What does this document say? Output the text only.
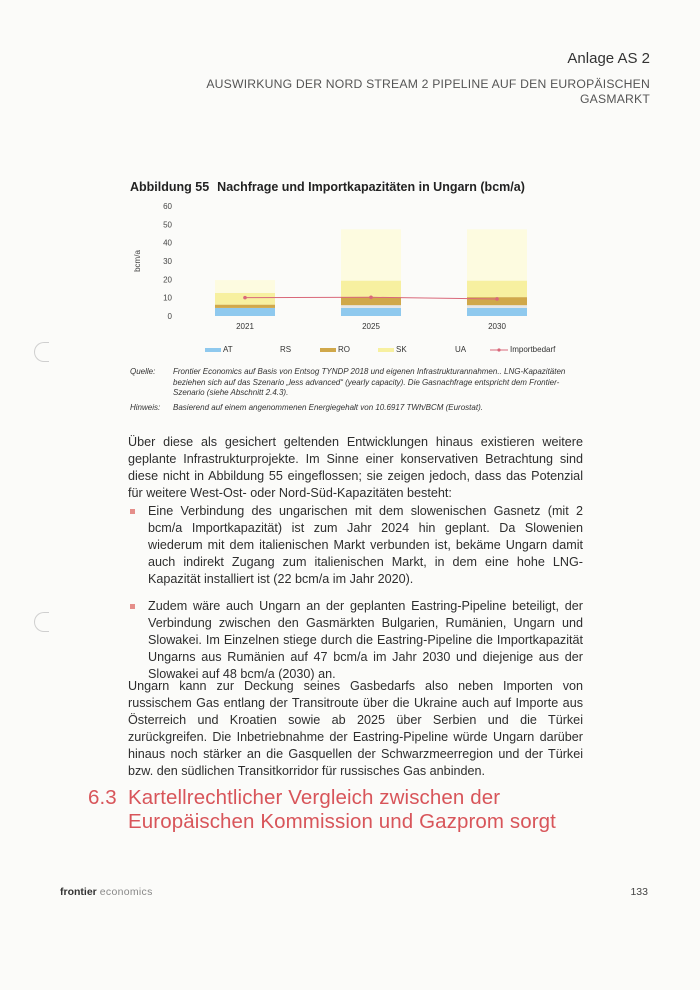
Anlage AS 2
AUSWIRKUNG DER NORD STREAM 2 PIPELINE AUF DEN EUROPÄISCHEN GASMARKT
Abbildung 55 Nachfrage und Importkapazitäten in Ungarn (bcm/a)
bcm/a
0
10
20
30
40
50
60
2021	2025	2030
AT	RS	RO	SK	UA	Importbedarf
Quelle:	Frontier Economics auf Basis von Entsog TYNDP 2018 und eigenen Infrastrukturannahmen.. LNG-Kapazitäten beziehen sich auf das Szenario „less advanced“ (yearly capacity). Die Gasnachfrage entspricht dem Frontier-Szenario (siehe Abschnitt 2.4.3).
Hinweis:	Basierend auf einem angenommenen Energiegehalt von 10.6917 TWh/BCM (Eurostat).
Über diese als gesichert geltenden Entwicklungen hinaus existieren weitere geplante Infrastrukturprojekte. Im Sinne einer konservativen Betrachtung sind diese nicht in Abbildung 55 eingeflossen; sie zeigen jedoch, dass das Potenzial für weitere West-Ost- oder Nord-Süd-Kapazitäten besteht:
Eine Verbindung des ungarischen mit dem slowenischen Gasnetz (mit 2 bcm/a Importkapazität) ist zum Jahr 2024 hin geplant. Da Slowenien wiederum mit dem italienischen Markt verbunden ist, bekäme Ungarn damit auch indirekt Zugang zum italienischen Markt, in dem eine hohe LNG-Kapazität installiert ist (22 bcm/a im Jahr 2020).
Zudem wäre auch Ungarn an der geplanten Eastring-Pipeline beteiligt, der Verbindung zwischen den Gasmärkten Bulgarien, Rumänien, Ungarn und Slowakei. Im Einzelnen stiege durch die Eastring-Pipeline die Importkapazität Ungarns aus Rumänien auf 47 bcm/a im Jahr 2030 und diejenige aus der Slowakei auf 48 bcm/a (2030) an.
Ungarn kann zur Deckung seines Gasbedarfs also neben Importen von russischem Gas entlang der Transitroute über die Ukraine auch auf Importe aus Österreich und Kroatien sowie ab 2025 über Serbien und die Türkei zurückgreifen. Die Inbetriebnahme der Eastring-Pipeline würde Ungarn darüber hinaus noch stärker an die Gasquellen der Schwarzmeerregion und der Türkei bzw. den südlichen Transitkorridor für russisches Gas anbinden.
6.3 Kartellrechtlicher Vergleich zwischen der Europäischen Kommission und Gazprom sorgt
frontier economics	133
